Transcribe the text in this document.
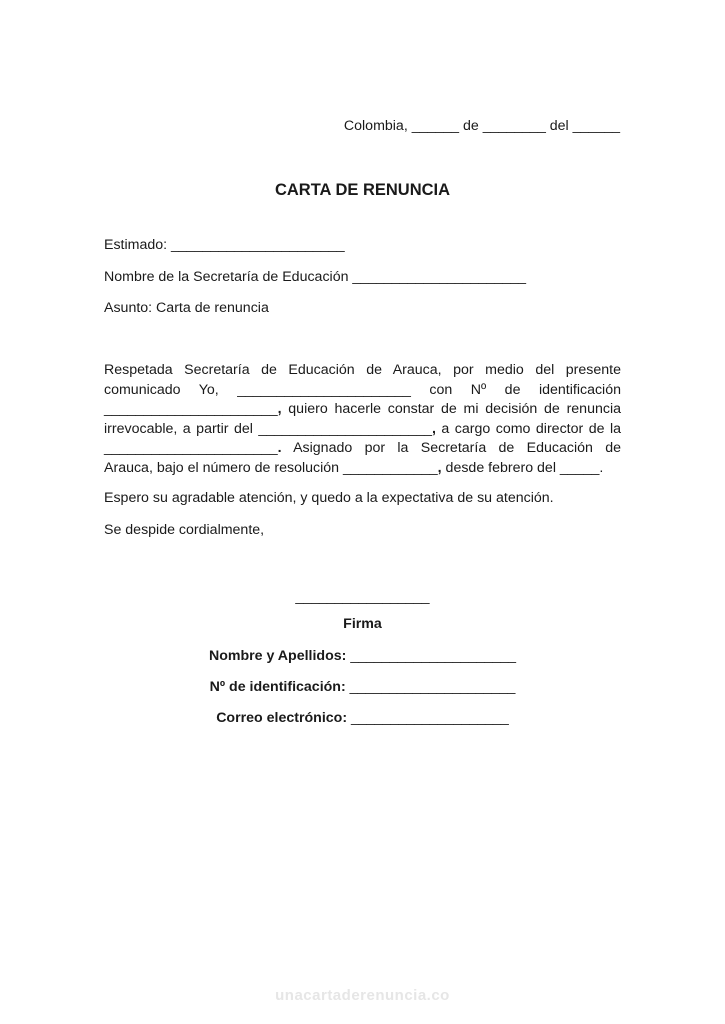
Colombia, ______ de ________ del ______
CARTA DE RENUNCIA
Estimado: ______________________
Nombre de la Secretaría de Educación ______________________
Asunto: Carta de renuncia
Respetada Secretaría de Educación de Arauca, por medio del presente
comunicado Yo, ______________________ con Nº de identificación
______________________, quiero hacerle constar de mi decisión de renuncia
irrevocable, a partir del ______________________, a cargo como director de la
______________________. Asignado por la Secretaría de Educación de
Arauca, bajo el número de resolución ____________, desde febrero del _____.
Espero su agradable atención, y quedo a la expectativa de su atención.
Se despide cordialmente,
_________________
Firma
Nombre y Apellidos: _____________________
Nº de identificación: _____________________
Correo electrónico: ____________________
unacartaderenuncia.co
